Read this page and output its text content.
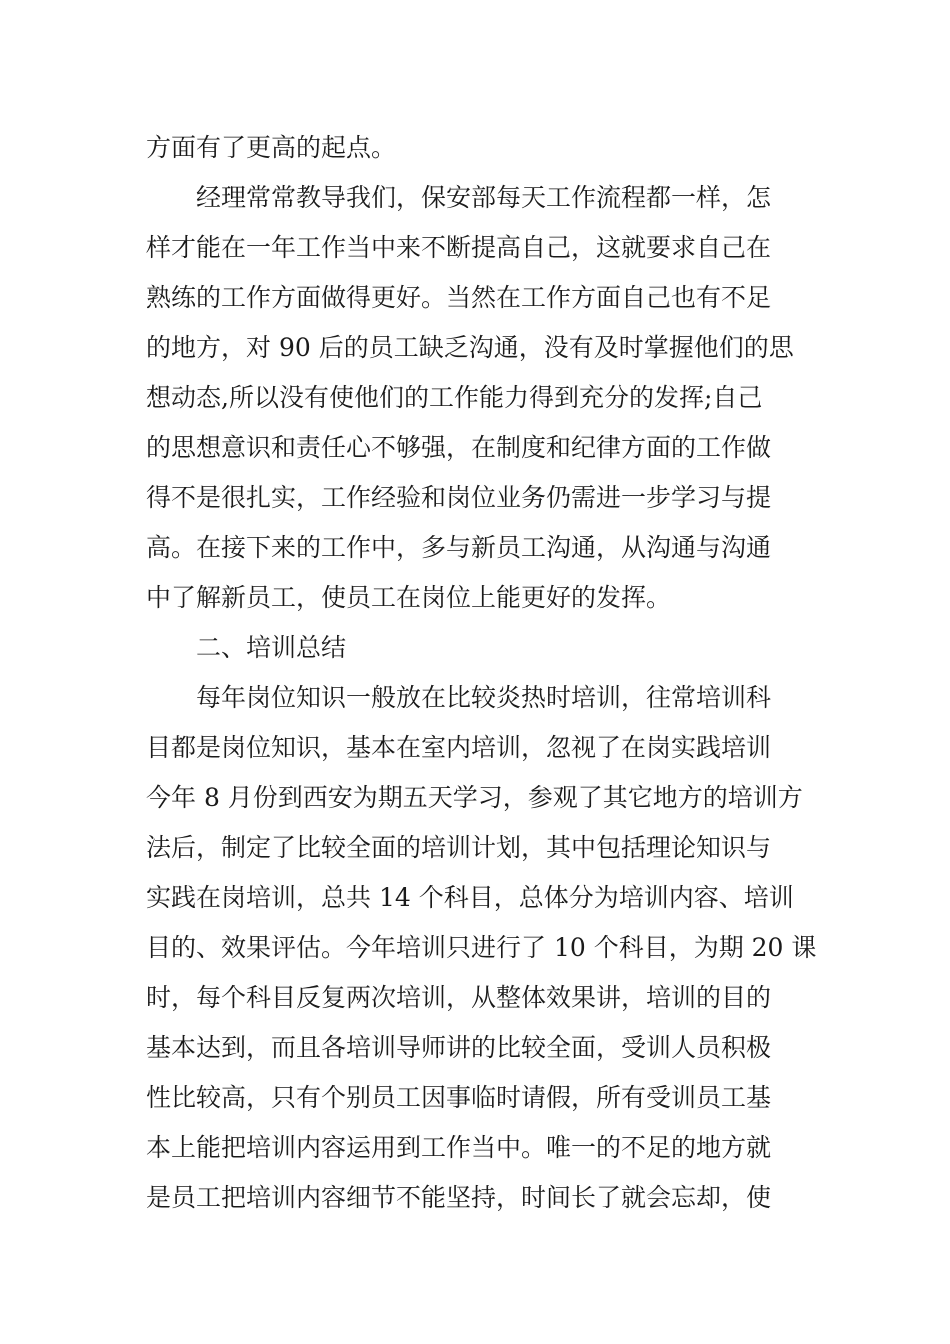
方面有了更高的起点。
经理常常教导我们，保安部每天工作流程都一样，怎
样才能在一年工作当中来不断提高自己，这就要求自己在
熟练的工作方面做得更好。当然在工作方面自己也有不足
的地方，对 90 后的员工缺乏沟通，没有及时掌握他们的思
想动态,所以没有使他们的工作能力得到充分的发挥;自己
的思想意识和责任心不够强，在制度和纪律方面的工作做
得不是很扎实，工作经验和岗位业务仍需进一步学习与提
高。在接下来的工作中，多与新员工沟通，从沟通与沟通
中了解新员工，使员工在岗位上能更好的发挥。
二、培训总结
每年岗位知识一般放在比较炎热时培训，往常培训科
目都是岗位知识，基本在室内培训，忽视了在岗实践培训
今年 8 月份到西安为期五天学习，参观了其它地方的培训方
法后，制定了比较全面的培训计划，其中包括理论知识与
实践在岗培训，总共 14 个科目，总体分为培训内容、培训
目的、效果评估。今年培训只进行了 10 个科目，为期 20 课
时，每个科目反复两次培训，从整体效果讲，培训的目的
基本达到，而且各培训导师讲的比较全面，受训人员积极
性比较高，只有个别员工因事临时请假，所有受训员工基
本上能把培训内容运用到工作当中。唯一的不足的地方就
是员工把培训内容细节不能坚持，时间长了就会忘却，使
